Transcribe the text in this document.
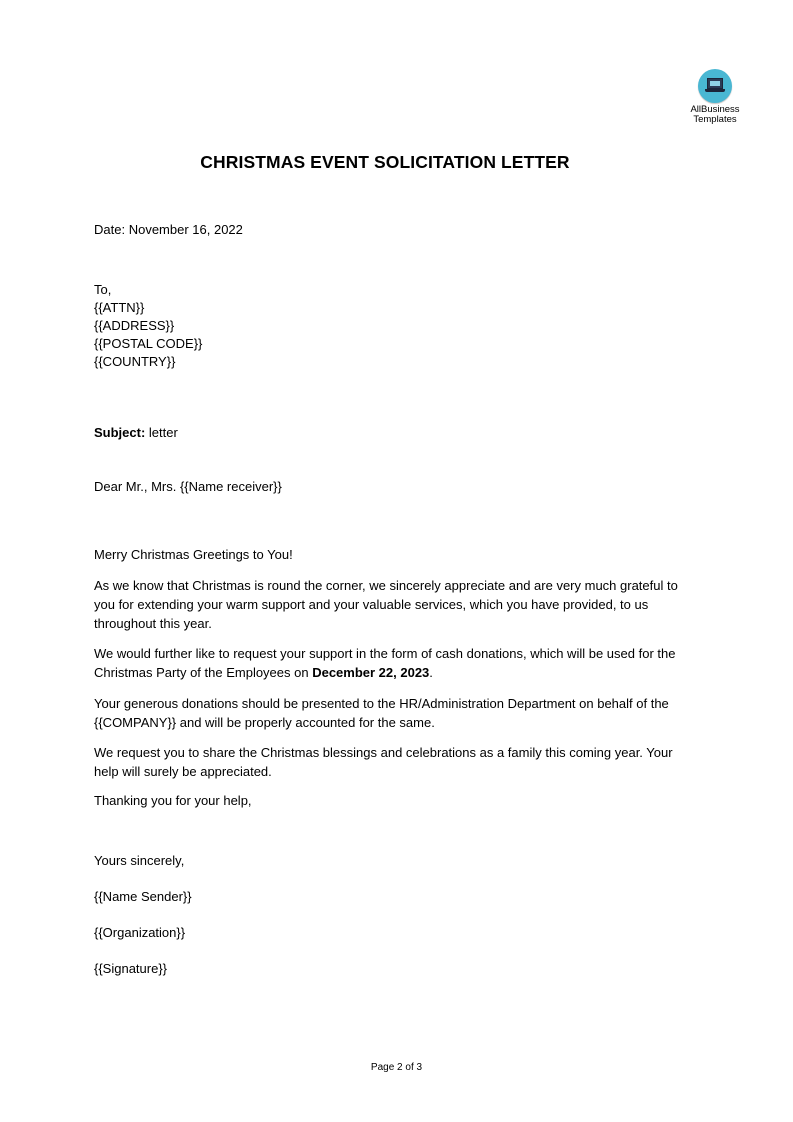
AllBusiness
Templates
CHRISTMAS EVENT SOLICITATION LETTER
Date: November 16, 2022
To,
{{ATTN}}
{{ADDRESS}}
{{POSTAL CODE}}
{{COUNTRY}}
Subject: letter
Dear Mr., Mrs. {{Name receiver}}
Merry Christmas Greetings to You!

As we know that Christmas is round the corner, we sincerely appreciate and are very much grateful to you for extending your warm support and your valuable services, which you have provided, to us throughout this year.

We would further like to request your support in the form of cash donations, which will be used for the Christmas Party of the Employees on December 22, 2023.

Your generous donations should be presented to the HR/Administration Department on behalf of the {{COMPANY}} and will be properly accounted for the same.

We request you to share the Christmas blessings and celebrations as a family this coming year. Your help will surely be appreciated.

Thanking you for your help,
Yours sincerely,
{{Name Sender}}
{{Organization}}
{{Signature}}
Page 2 of 3
